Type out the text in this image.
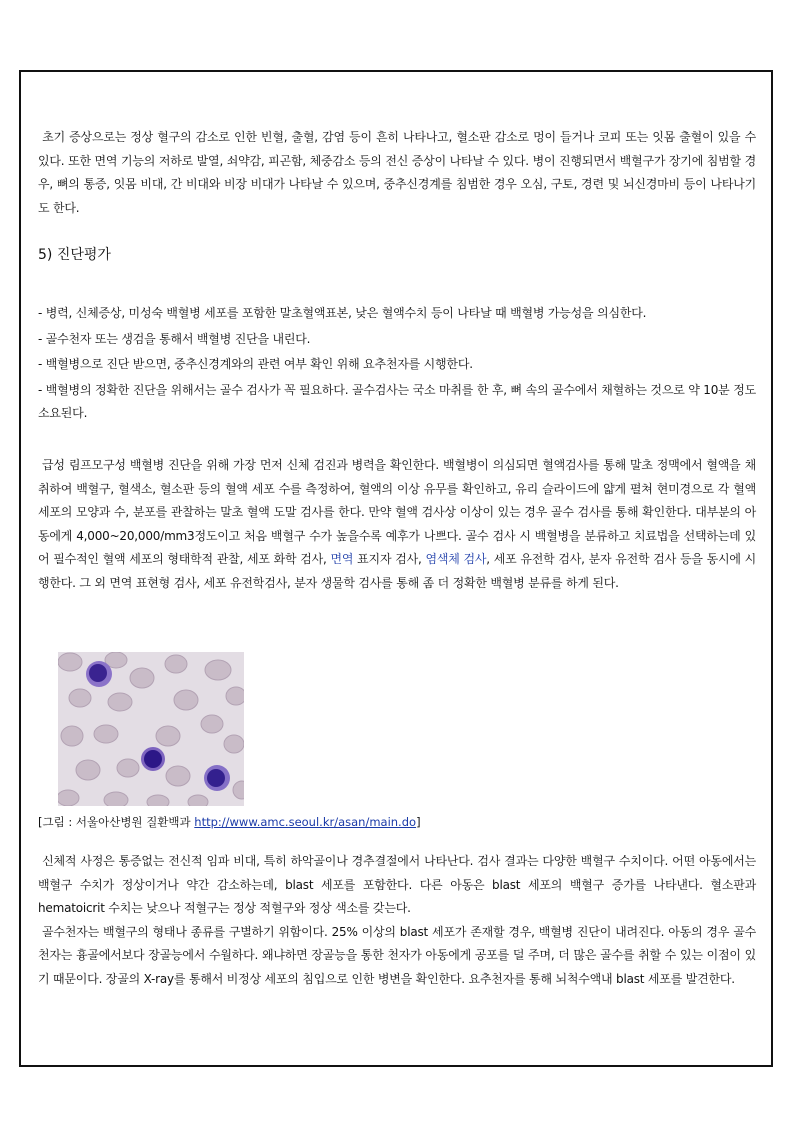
초기 증상으로는 정상 혈구의 감소로 인한 빈혈, 출혈, 감염 등이 흔히 나타나고, 혈소판 감소로 멍이 들거나 코피 또는 잇몸 출혈이 있을 수 있다. 또한 면역 기능의 저하로 발열, 쇠약감, 피곤함, 체중감소 등의 전신 증상이 나타날 수 있다. 병이 진행되면서 백혈구가 장기에 침범할 경우, 뼈의 통증, 잇몸 비대, 간 비대와 비장 비대가 나타날 수 있으며, 중추신경계를 침범한 경우 오심, 구토, 경련 및 뇌신경마비 등이 나타나기도 한다.

5) 진단평가

- 병력, 신체증상, 미성숙 백혈병 세포를 포함한 말초혈액표본, 낮은 혈액수치 등이 나타날 때 백혈병 가능성을 의심한다.

- 골수천자 또는 생검을 통해서 백혈병 진단을 내린다.

- 백혈병으로 진단 받으면, 중추신경계와의 관련 여부 확인 위해 요추천자를 시행한다.

- 백혈병의 정확한 진단을 위해서는 골수 검사가 꼭 필요하다. 골수검사는 국소 마취를 한 후, 뼈 속의 골수에서 채혈하는 것으로 약 10분 정도 소요된다.

급성 림프모구성 백혈병 진단을 위해 가장 먼저 신체 검진과 병력을 확인한다. 백혈병이 의심되면 혈액검사를 통해 말초 정맥에서 혈액을 채취하여 백혈구, 혈색소, 혈소판 등의 혈액 세포 수를 측정하여, 혈액의 이상 유무를 확인하고, 유리 슬라이드에 얇게 펼쳐 현미경으로 각 혈액 세포의 모양과 수, 분포를 관찰하는 말초 혈액 도말 검사를 한다. 만약 혈액 검사상 이상이 있는 경우 골수 검사를 통해 확인한다. 대부분의 아동에게 4,000~20,000/mm3정도이고 처음 백혈구 수가 높을수록 예후가 나쁘다. 골수 검사 시 백혈병을 분류하고 치료법을 선택하는데 있어 필수적인 혈액 세포의 형태학적 관찰, 세포 화학 검사, 면역 표지자 검사, 염색체 검사, 세포 유전학 검사, 분자 유전학 검사 등을 동시에 시행한다. 그 외 면역 표현형 검사, 세포 유전학검사, 분자 생물학 검사를 통해 좀 더 정확한 백혈병 분류를 하게 된다.

[그림 : 서울아산병원 질환백과 http://www.amc.seoul.kr/asan/main.do]

신체적 사정은 통증없는 전신적 임파 비대, 특히 하악골이나 경추결절에서 나타난다. 검사 결과는 다양한 백혈구 수치이다. 어떤 아동에서는 백혈구 수치가 정상이거나 약간 감소하는데, blast 세포를 포함한다. 다른 아동은 blast 세포의 백혈구 증가를 나타낸다. 혈소판과 hematoicrit 수치는 낮으나 적혈구는 정상 적혈구와 정상 색소를 갖는다.

골수천자는 백혈구의 형태나 종류를 구별하기 위함이다. 25% 이상의 blast 세포가 존재할 경우, 백혈병 진단이 내려진다. 아동의 경우 골수천자는 흉골에서보다 장골능에서 수월하다. 왜냐하면 장골능을 통한 천자가 아동에게 공포를 덜 주며, 더 많은 골수를 취할 수 있는 이점이 있기 때문이다. 장골의 X-ray를 통해서 비정상 세포의 침입으로 인한 병변을 확인한다. 요추천자를 통해 뇌척수액내 blast 세포를 발견한다.
